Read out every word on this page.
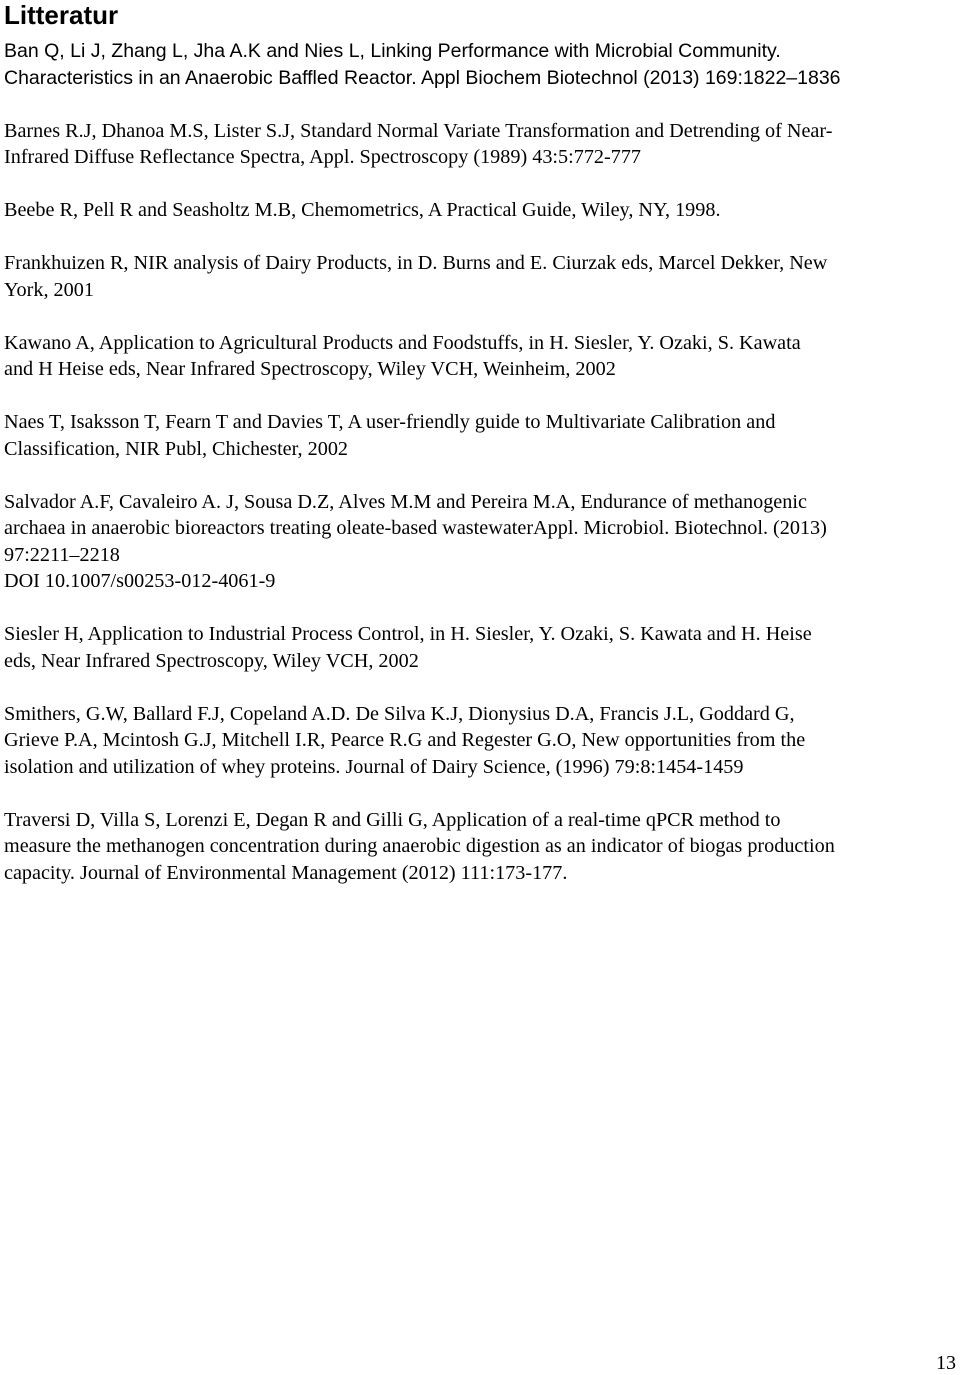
Litteratur
Ban Q, Li J, Zhang L, Jha A.K and Nies L, Linking Performance with Microbial Community.
Characteristics in an Anaerobic Baffled Reactor. Appl Biochem Biotechnol (2013) 169:1822–1836
Barnes R.J, Dhanoa M.S, Lister S.J, Standard Normal Variate Transformation and Detrending of Near-
Infrared Diffuse Reflectance Spectra, Appl. Spectroscopy (1989) 43:5:772-777
Beebe R, Pell R and Seasholtz M.B, Chemometrics, A Practical Guide, Wiley, NY, 1998.
Frankhuizen R, NIR analysis of Dairy Products, in D. Burns and E. Ciurzak eds, Marcel Dekker, New
York, 2001
Kawano A, Application to Agricultural Products and Foodstuffs, in H. Siesler, Y. Ozaki, S. Kawata
and H Heise eds, Near Infrared Spectroscopy, Wiley VCH, Weinheim, 2002
Naes T, Isaksson T, Fearn T and Davies T, A user-friendly guide to Multivariate Calibration and
Classification, NIR Publ, Chichester, 2002
Salvador A.F, Cavaleiro A. J, Sousa D.Z, Alves M.M and Pereira M.A, Endurance of methanogenic
archaea in anaerobic bioreactors treating oleate-based wastewaterAppl. Microbiol. Biotechnol. (2013)
97:2211–2218
DOI 10.1007/s00253-012-4061-9
Siesler H, Application to Industrial Process Control, in H. Siesler, Y. Ozaki, S. Kawata and H. Heise
eds, Near Infrared Spectroscopy, Wiley VCH, 2002
Smithers, G.W, Ballard F.J, Copeland A.D. De Silva K.J, Dionysius D.A, Francis J.L, Goddard G,
Grieve P.A, Mcintosh G.J, Mitchell I.R, Pearce R.G and Regester G.O, New opportunities from the
isolation and utilization of whey proteins. Journal of Dairy Science, (1996) 79:8:1454-1459
Traversi D, Villa S, Lorenzi E, Degan R and Gilli G, Application of a real-time qPCR method to
measure the methanogen concentration during anaerobic digestion as an indicator of biogas production
capacity. Journal of Environmental Management (2012) 111:173-177.
13
